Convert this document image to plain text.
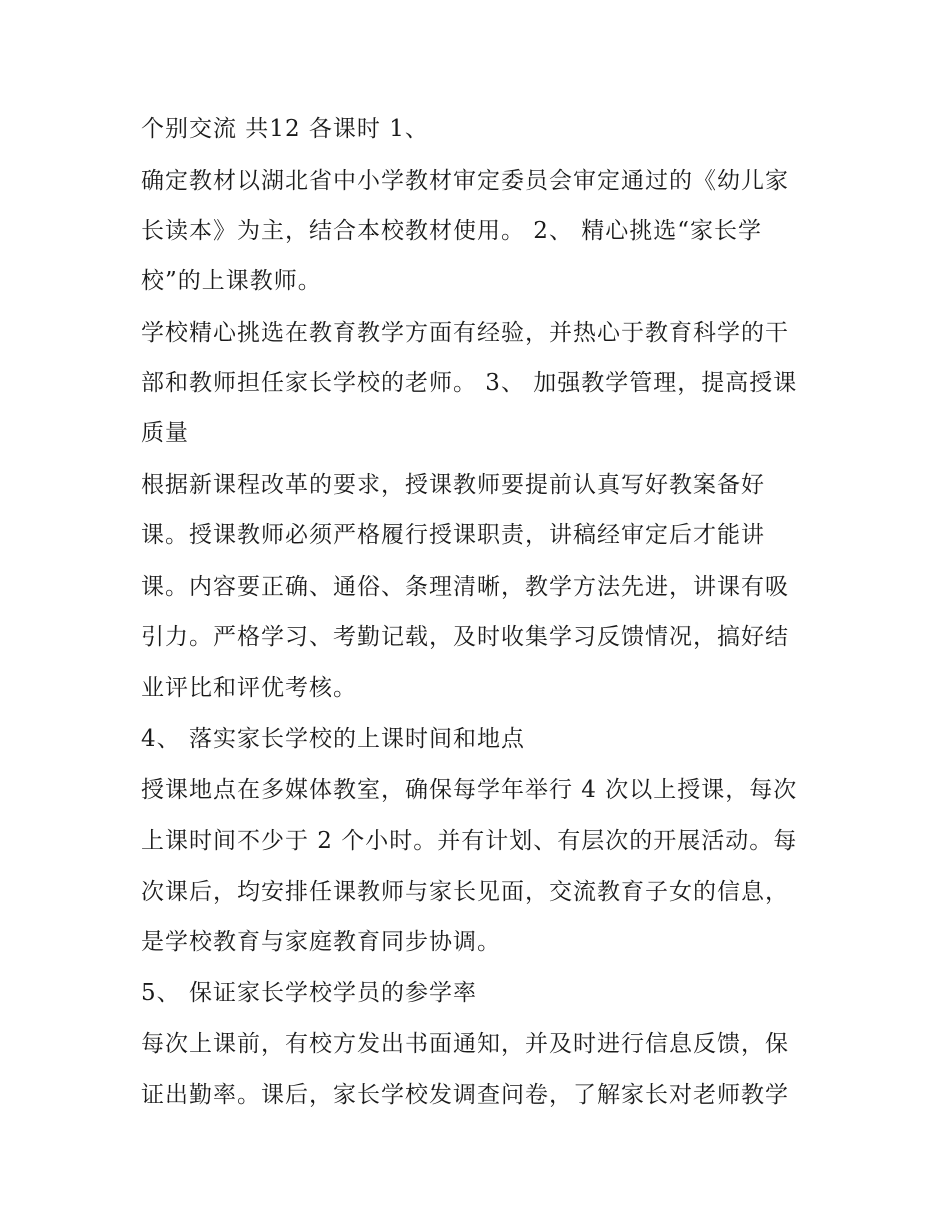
个别交流 共12 各课时 1、

确定教材以湖北省中小学教材审定委员会审定通过的《幼儿家

长读本》为主，结合本校教材使用。 2、 精心挑选“家长学

校”的上课教师。

学校精心挑选在教育教学方面有经验，并热心于教育科学的干

部和教师担任家长学校的老师。 3、 加强教学管理，提高授课

质量

根据新课程改革的要求，授课教师要提前认真写好教案备好

课。授课教师必须严格履行授课职责，讲稿经审定后才能讲

课。内容要正确、通俗、条理清晰，教学方法先进，讲课有吸

引力。严格学习、考勤记载，及时收集学习反馈情况，搞好结

业评比和评优考核。

4、 落实家长学校的上课时间和地点

授课地点在多媒体教室，确保每学年举行 4 次以上授课，每次

上课时间不少于 2 个小时。并有计划、有层次的开展活动。每

次课后，均安排任课教师与家长见面，交流教育子女的信息，

是学校教育与家庭教育同步协调。

5、 保证家长学校学员的参学率

每次上课前，有校方发出书面通知，并及时进行信息反馈，保

证出勤率。课后，家长学校发调查问卷，了解家长对老师教学
